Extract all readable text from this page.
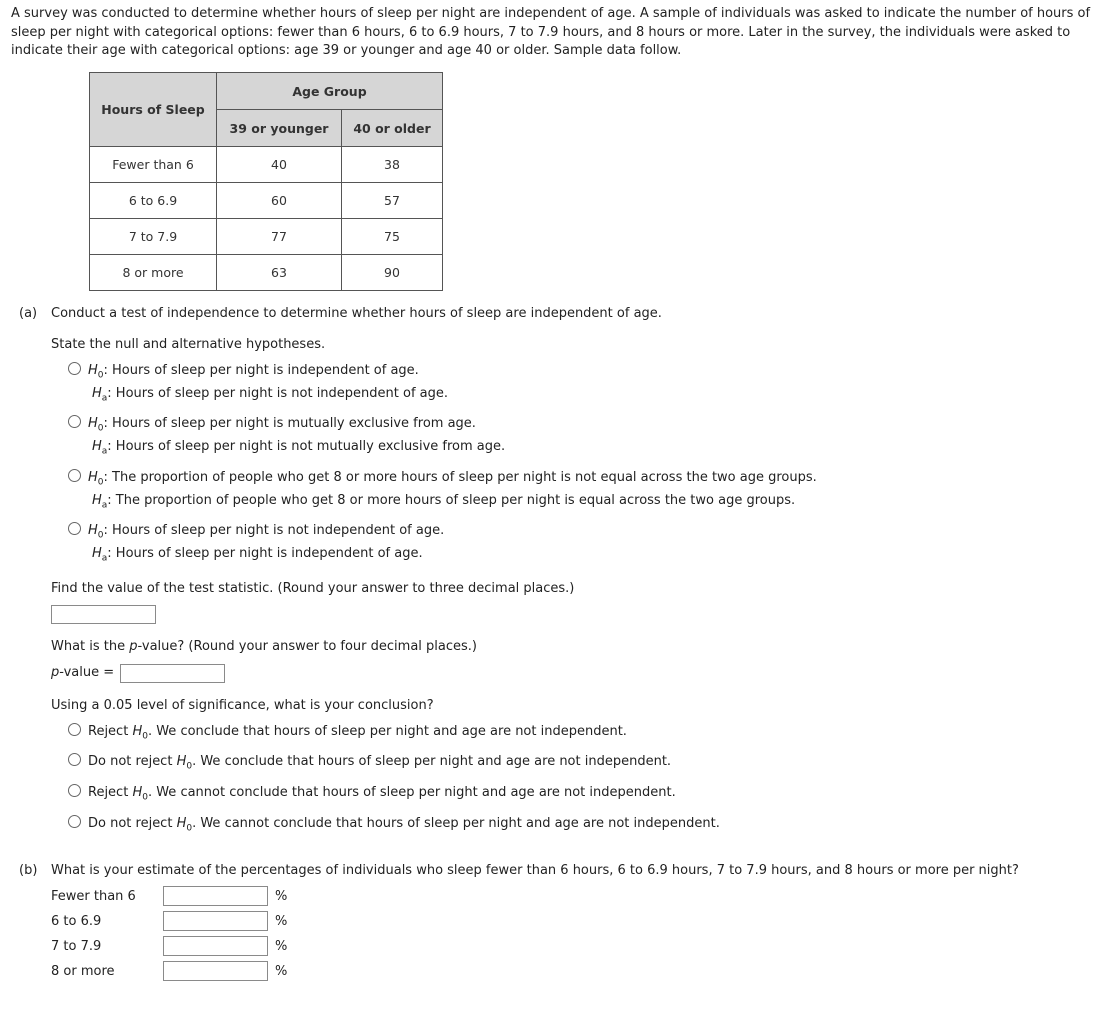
A survey was conducted to determine whether hours of sleep per night are independent of age. A sample of individuals was asked to indicate the number of hours of sleep per night with categorical options: fewer than 6 hours, 6 to 6.9 hours, 7 to 7.9 hours, and 8 hours or more. Later in the survey, the individuals were asked to indicate their age with categorical options: age 39 or younger and age 40 or older. Sample data follow.
Hours of Sleep	Age Group	
	39 or younger	40 or older
Fewer than 6	40	38
6 to 6.9	60	57
7 to 7.9	77	75
8 or more	63	90
(a) Conduct a test of independence to determine whether hours of sleep are independent of age.
State the null and alternative hypotheses.
$H_0$: Hours of sleep per night is independent of age.
$H_a$: Hours of sleep per night is not independent of age.
$H_0$: Hours of sleep per night is mutually exclusive from age.
$H_a$: Hours of sleep per night is not mutually exclusive from age.
$H_0$: The proportion of people who get 8 or more hours of sleep per night is not equal across the two age groups.
$H_a$: The proportion of people who get 8 or more hours of sleep per night is equal across the two age groups.
$H_0$: Hours of sleep per night is not independent of age.
$H_a$: Hours of sleep per night is independent of age.
Find the value of the test statistic. (Round your answer to three decimal places.)
What is the p-value? (Round your answer to four decimal places.)
p-value =
Using a 0.05 level of significance, what is your conclusion?
Reject $H_0$. We conclude that hours of sleep per night and age are not independent.
Do not reject $H_0$. We conclude that hours of sleep per night and age are not independent.
Reject $H_0$. We cannot conclude that hours of sleep per night and age are not independent.
Do not reject $H_0$. We cannot conclude that hours of sleep per night and age are not independent.
(b) What is your estimate of the percentages of individuals who sleep fewer than 6 hours, 6 to 6.9 hours, 7 to 7.9 hours, and 8 hours or more per night?
Fewer than 6	%
6 to 6.9	%
7 to 7.9	%
8 or more	%
